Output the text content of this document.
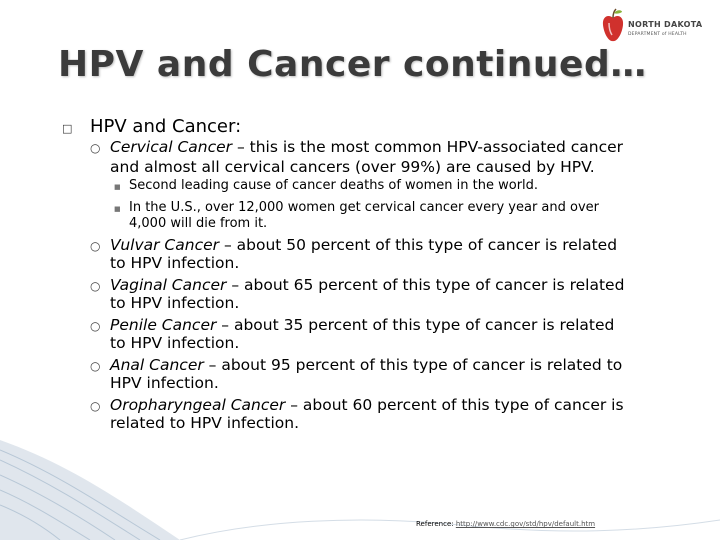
NORTH DAKOTA
DEPARTMENT of HEALTH
HPV and Cancer continued…
□ HPV and Cancer:
○ Cervical Cancer – this is the most common HPV-associated cancer
and almost all cervical cancers (over 99%) are caused by HPV.
■ Second leading cause of cancer deaths of women in the world.
■ In the U.S., over 12,000 women get cervical cancer every year and over
4,000 will die from it.
○ Vulvar Cancer – about 50 percent of this type of cancer is related
to HPV infection.
○ Vaginal Cancer – about 65 percent of this type of cancer is related
to HPV infection.
○ Penile Cancer – about 35 percent of this type of cancer is related
to HPV infection.
○ Anal Cancer – about 95 percent of this type of cancer is related to
HPV infection.
○ Oropharyngeal Cancer – about 60 percent of this type of cancer is
related to HPV infection.
Reference: http://www.cdc.gov/std/hpv/default.htm
